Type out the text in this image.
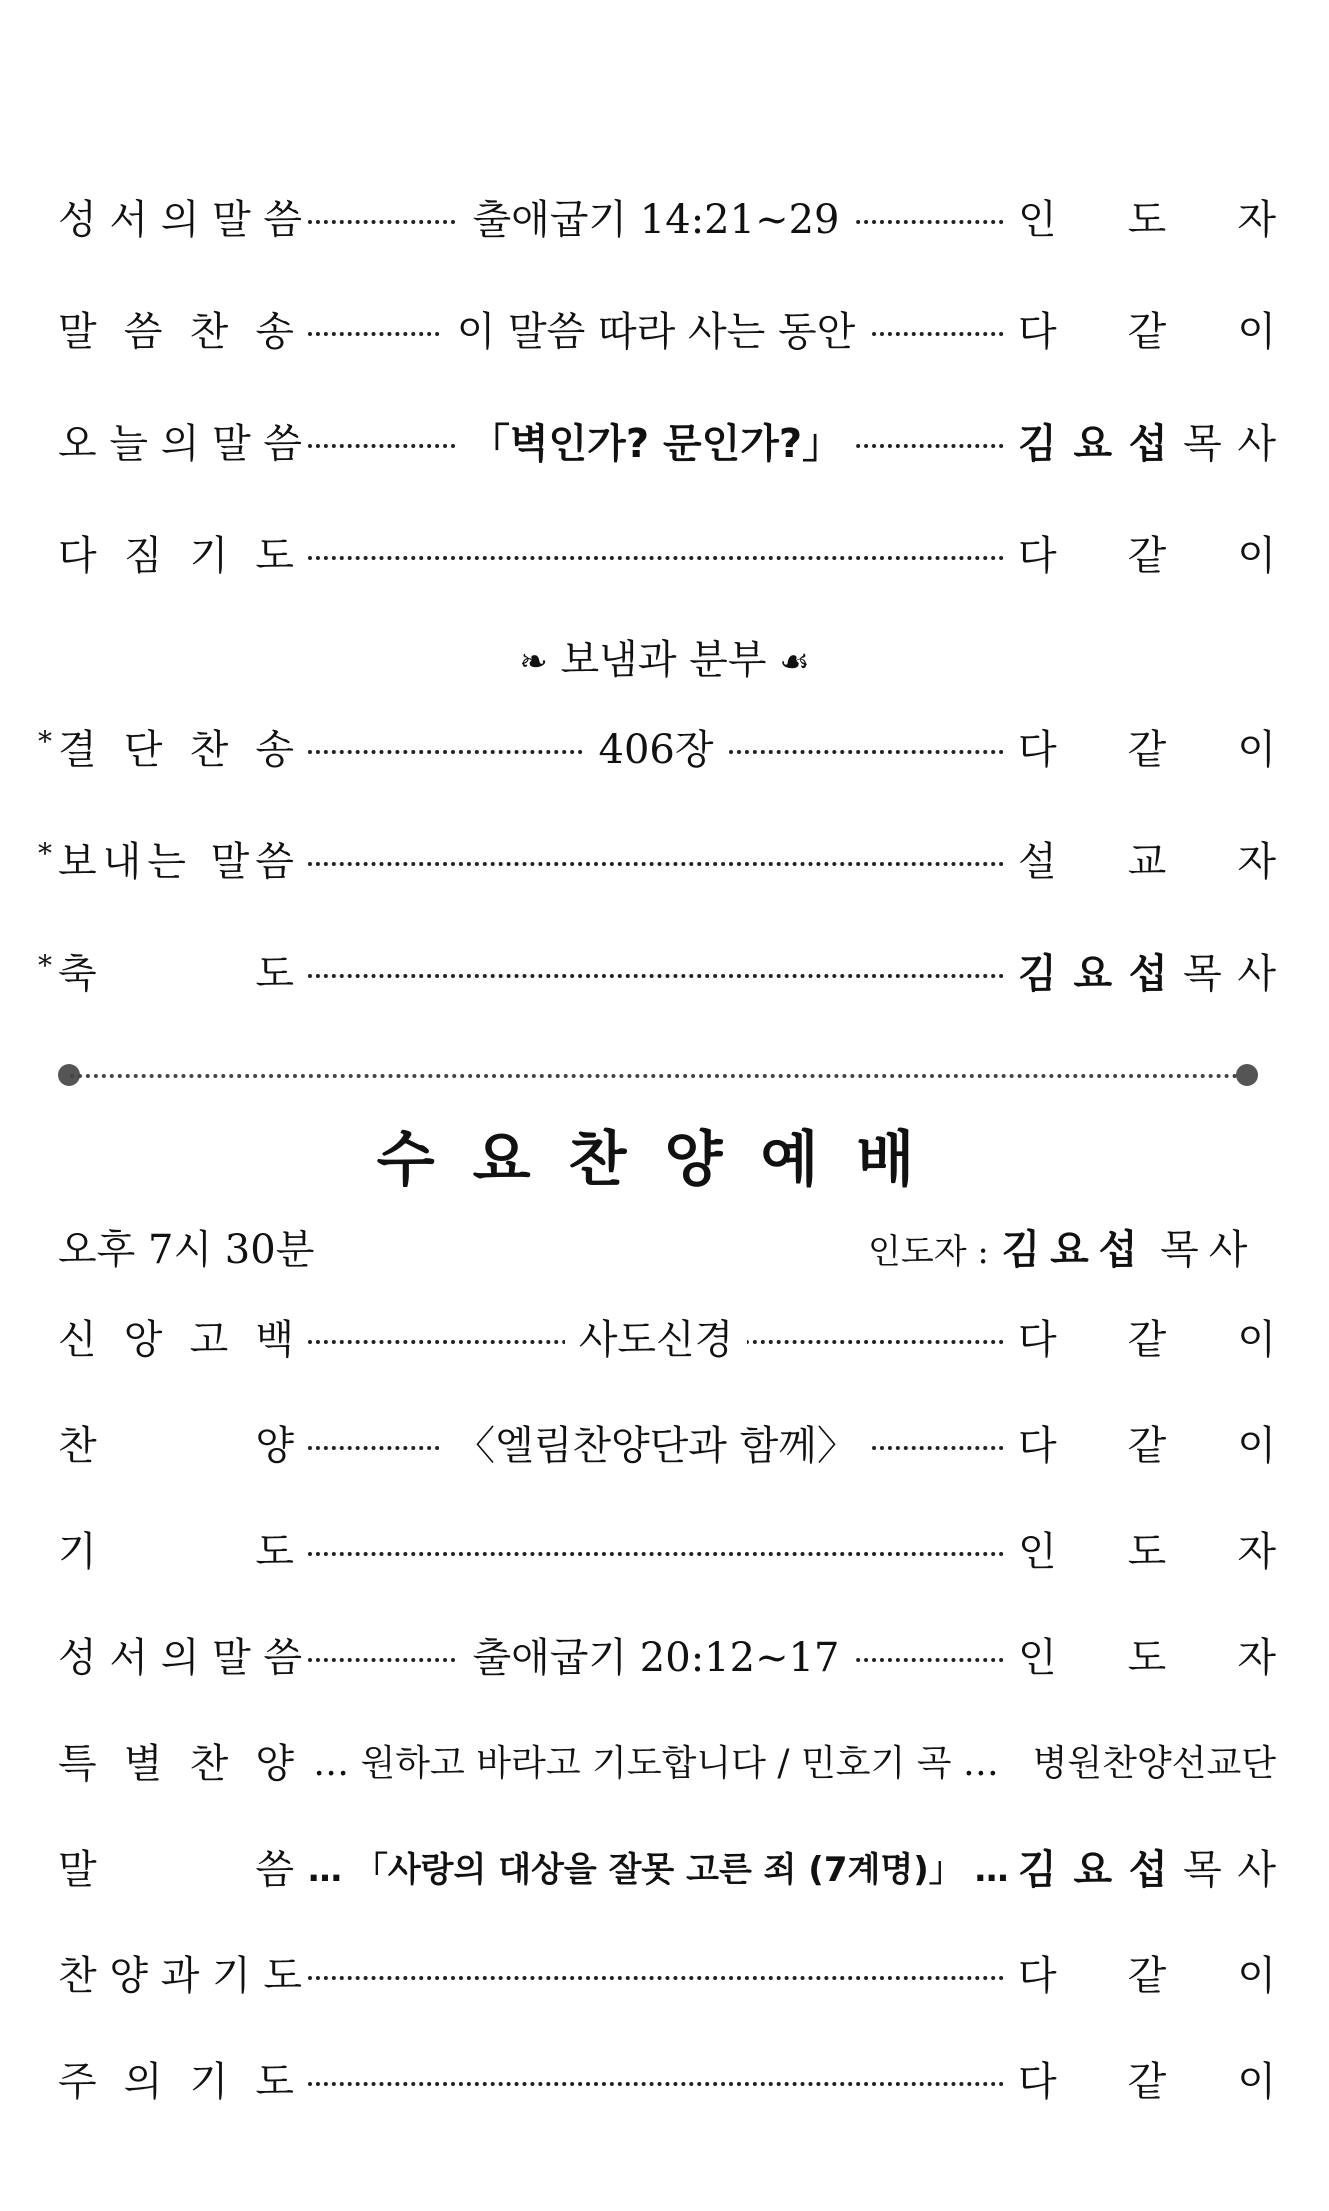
성 서 의 말 씀	출애굽기 14:21~29	인 도 자
말 씀 찬 송	이 말씀 따라 사는 동안	다 같 이
오 늘 의 말 씀	「벽인가? 문인가?」	김 요 섭 목 사
다 짐 기 도	다 같 이
❧ 보냄과 분부 ☙
* 결 단 찬 송	406장	다 같 이
* 보내는 말씀	설 교 자
* 축 도	김 요 섭 목 사
수요찬양예배
오후 7시 30분	인도자 : 김요섭 목사
신 앙 고 백	사도신경	다 같 이
찬 양	〈엘림찬양단과 함께〉	다 같 이
기 도	인 도 자
성 서 의 말 씀	출애굽기 20:12~17	인 도 자
특 별 찬 양 … 원하고 바라고 기도합니다 / 민호기 곡 … 병원찬양선교단
말 씀 … 「사랑의 대상을 잘못 고른 죄 (7계명)」 … 김 요 섭 목 사
찬 양 과 기 도	다 같 이
주 의 기 도	다 같 이
